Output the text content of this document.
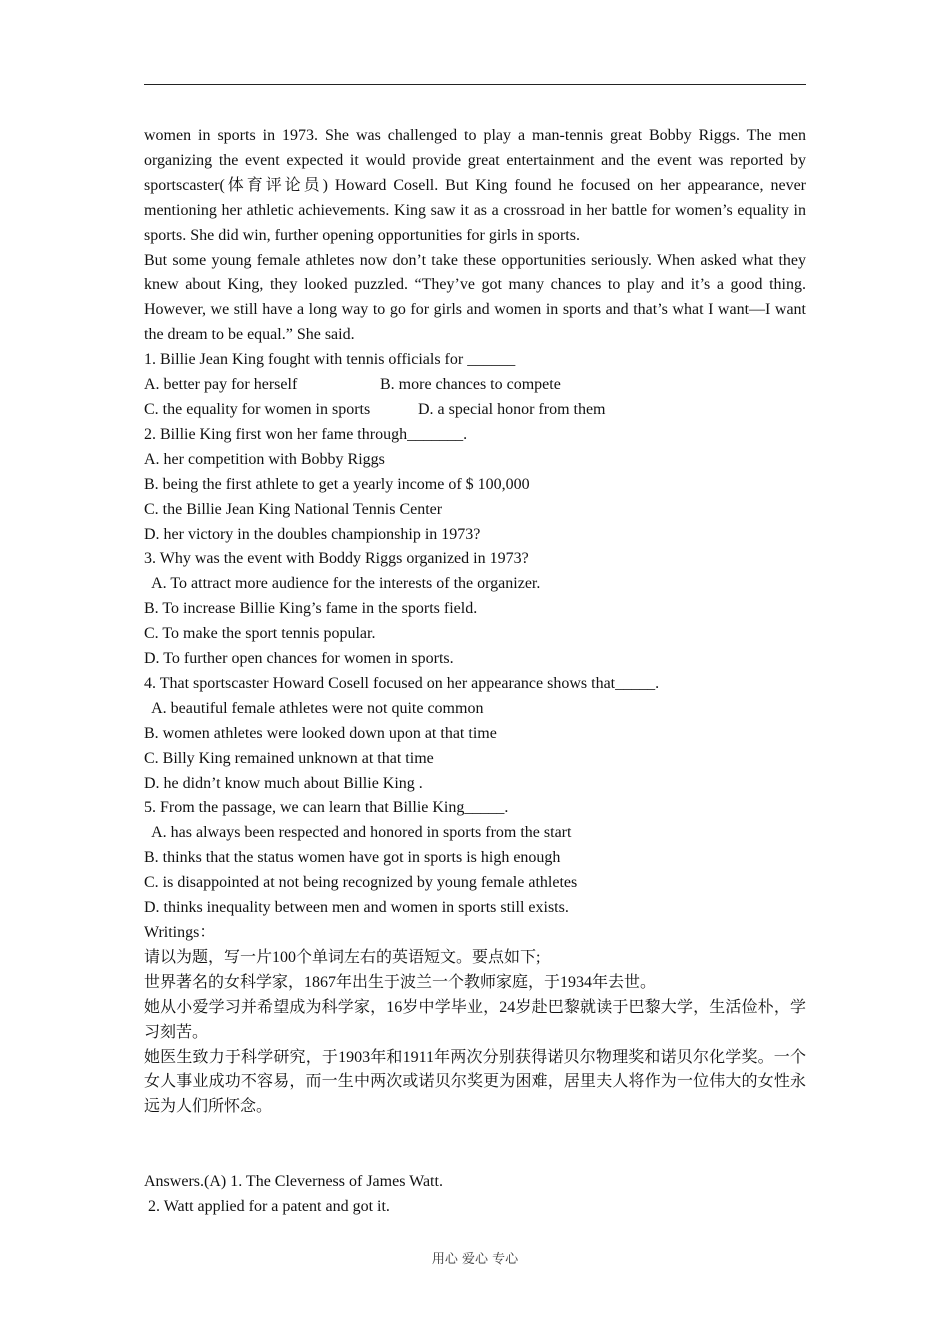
women in sports in 1973. She was challenged to play a man-tennis great Bobby Riggs. The men organizing the event expected it would provide great entertainment and the event was reported by sportscaster(体育评论员) Howard Cosell. But King found he focused on her appearance, never mentioning her athletic achievements. King saw it as a crossroad in her battle for women’s equality in sports. She did win, further opening opportunities for girls in sports.

But some young female athletes now don’t take these opportunities seriously. When asked what they knew about King, they looked puzzled. “They’ve got many chances to play and it’s a good thing. However, we still have a long way to go for girls and women in sports and that’s what I want—I want the dream to be equal.” She said.

1. Billie Jean King fought with tennis officials for ______

A. better pay for herself	B. more chances to compete
C. the equality for women in sports	D. a special honor from them

2. Billie King first won her fame through_______.

A. her competition with Bobby Riggs

B. being the first athlete to get a yearly income of $ 100,000

C. the Billie Jean King National Tennis Center

D. her victory in the doubles championship in 1973?

3. Why was the event with Boddy Riggs organized in 1973?

A. To attract more audience for the interests of the organizer.

B. To increase Billie King’s fame in the sports field.

C. To make the sport tennis popular.

D. To further open chances for women in sports.

4. That sportscaster Howard Cosell focused on her appearance shows that_____.

A. beautiful female athletes were not quite common

B. women athletes were looked down upon at that time

C. Billy King remained unknown at that time

D. he didn’t know much about Billie King .

5. From the passage, we can learn that Billie King_____.

A. has always been respected and honored in sports from the start

B. thinks that the status women have got in sports is high enough

C. is disappointed at not being recognized by young female athletes

D. thinks inequality between men and women in sports still exists.

Writings：

请以为题，写一片100个单词左右的英语短文。要点如下;

世界著名的女科学家，1867年出生于波兰一个教师家庭，于1934年去世。

她从小爱学习并希望成为科学家，16岁中学毕业，24岁赴巴黎就读于巴黎大学，生活俭朴，学习刻苦。

她医生致力于科学研究，于1903年和1911年两次分别获得诺贝尔物理奖和诺贝尔化学奖。一个女人事业成功不容易，而一生中两次或诺贝尔奖更为困难，居里夫人将作为一位伟大的女性永远为人们所怀念。

Answers.(A) 1. The Cleverness of James Watt.

2. Watt applied for a patent and got it.

用心 爱心 专心
